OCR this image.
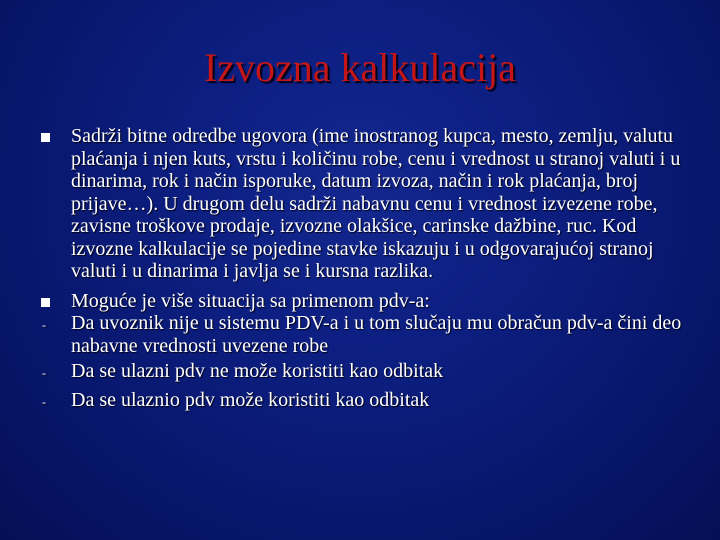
Izvozna kalkulacija
Sadrži bitne odredbe ugovora (ime inostranog kupca, mesto, zemlju, valutu plaćanja i njen kuts, vrstu i količinu robe, cenu i vrednost u stranoj valuti i u dinarima, rok i način isporuke, datum izvoza, način i rok plaćanja, broj prijave…). U drugom delu sadrži nabavnu cenu i vrednost izvezene robe, zavisne troškove prodaje, izvozne olakšice, carinske dažbine, ruc. Kod izvozne kalkulacije se pojedine stavke iskazuju i u odgovarajućoj stranoj valuti i u dinarima i javlja se i kursna razlika.
Moguće je više situacija sa primenom pdv-a:
- Da uvoznik nije u sistemu PDV-a i u tom slučaju mu obračun pdv-a čini deo nabavne vrednosti uvezene robe
- Da se ulazni pdv ne može koristiti kao odbitak
- Da se ulaznio pdv može koristiti kao odbitak
